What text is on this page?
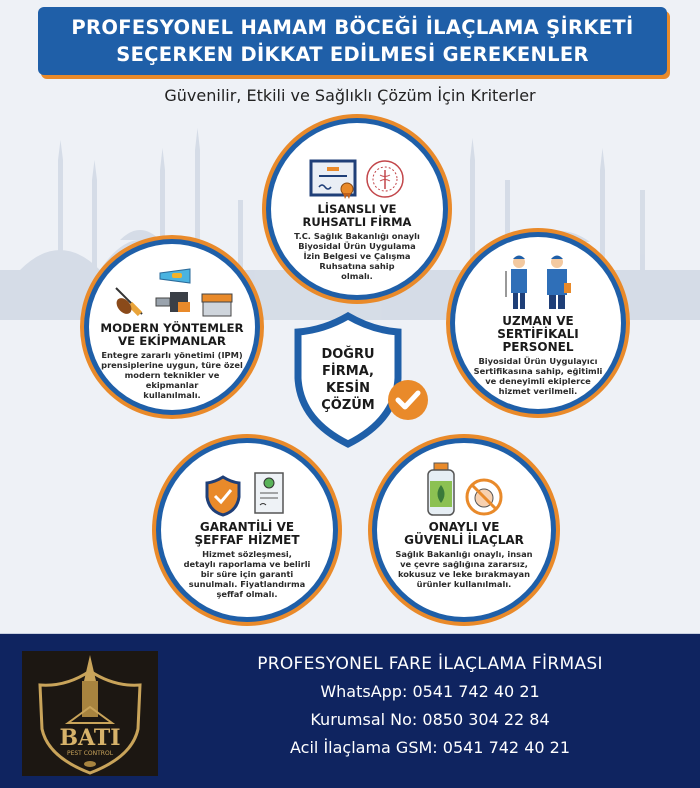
PROFESYONEL HAMAM BÖCEĞİ İLAÇLAMA ŞİRKETİ
SEÇERKEN DİKKAT EDİLMESİ GEREKENLER
Güvenilir, Etkili ve Sağlıklı Çözüm İçin Kriterler
LİSANSLI VE
RUHSATLI FİRMA
T.C. Sağlık Bakanlığı onaylı
Biyosidal Ürün Uygulama
İzin Belgesi ve Çalışma
Ruhsatına sahip
olmalı.
MODERN YÖNTEMLER
VE EKİPMANLAR
Entegre zararlı yönetimi (IPM)
prensiplerine uygun, türe özel
modern teknikler ve
ekipmanlar
kullanılmalı.
UZMAN VE
SERTİFİKALI
PERSONEL
Biyosidal Ürün Uygulayıcı
Sertifikasına sahip, eğitimli
ve deneyimli ekiplerce
hizmet verilmeli.
DOĞRU
FİRMA,
KESİN
ÇÖZÜM
GARANTİLİ VE
ŞEFFAF HİZMET
Hizmet sözleşmesi,
detaylı raporlama ve belirli
bir süre için garanti
sunulmalı. Fiyatlandırma
şeffaf olmalı.
ONAYLI VE
GÜVENLİ İLAÇLAR
Sağlık Bakanlığı onaylı, insan
ve çevre sağlığına zararsız,
kokusuz ve leke bırakmayan
ürünler kullanılmalı.
BATI
PEST CONTROL
PROFESYONEL FARE İLAÇLAMA FİRMASI
WhatsApp: 0541 742 40 21
Kurumsal No: 0850 304 22 84
Acil İlaçlama GSM: 0541 742 40 21
